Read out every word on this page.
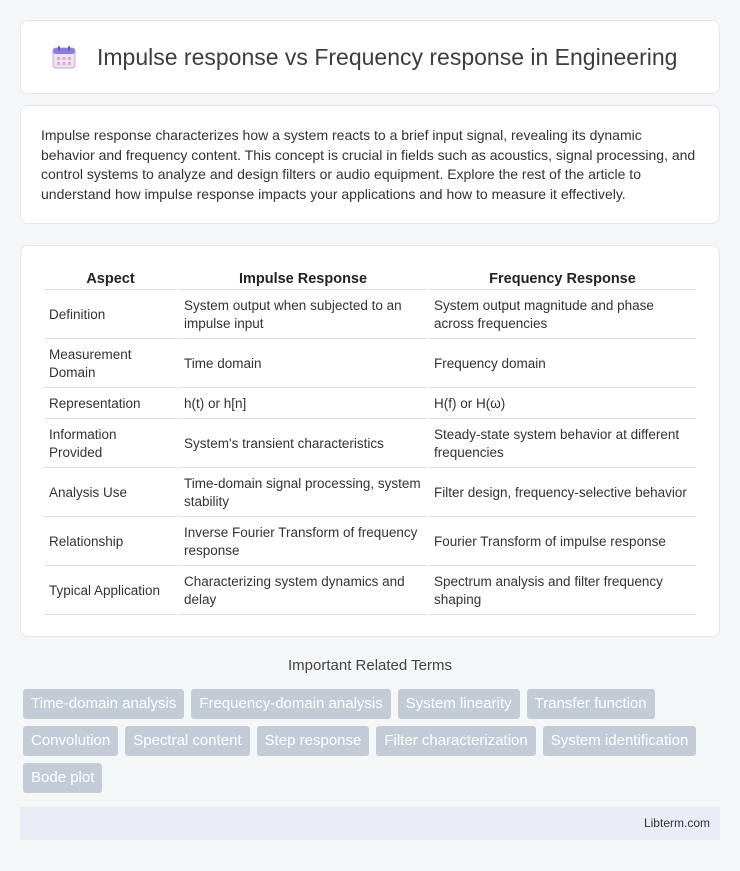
Impulse response vs Frequency response in Engineering

Impulse response characterizes how a system reacts to a brief input signal, revealing its dynamic behavior and frequency content. This concept is crucial in fields such as acoustics, signal processing, and control systems to analyze and design filters or audio equipment. Explore the rest of the article to understand how impulse response impacts your applications and how to measure it effectively.

Aspect	Impulse Response	Frequency Response
Definition	System output when subjected to an impulse input	System output magnitude and phase across frequencies
Measurement Domain	Time domain	Frequency domain
Representation	h(t) or h[n]	H(f) or H(ω)
Information Provided	System's transient characteristics	Steady-state system behavior at different frequencies
Analysis Use	Time-domain signal processing, system stability	Filter design, frequency-selective behavior
Relationship	Inverse Fourier Transform of frequency response	Fourier Transform of impulse response
Typical Application	Characterizing system dynamics and delay	Spectrum analysis and filter frequency shaping
Important Related Terms
Time-domain analysis	Frequency-domain analysis	System linearity	Transfer function
Convolution	Spectral content	Step response	Filter characterization	System identification
Bode plot
Libterm.com
